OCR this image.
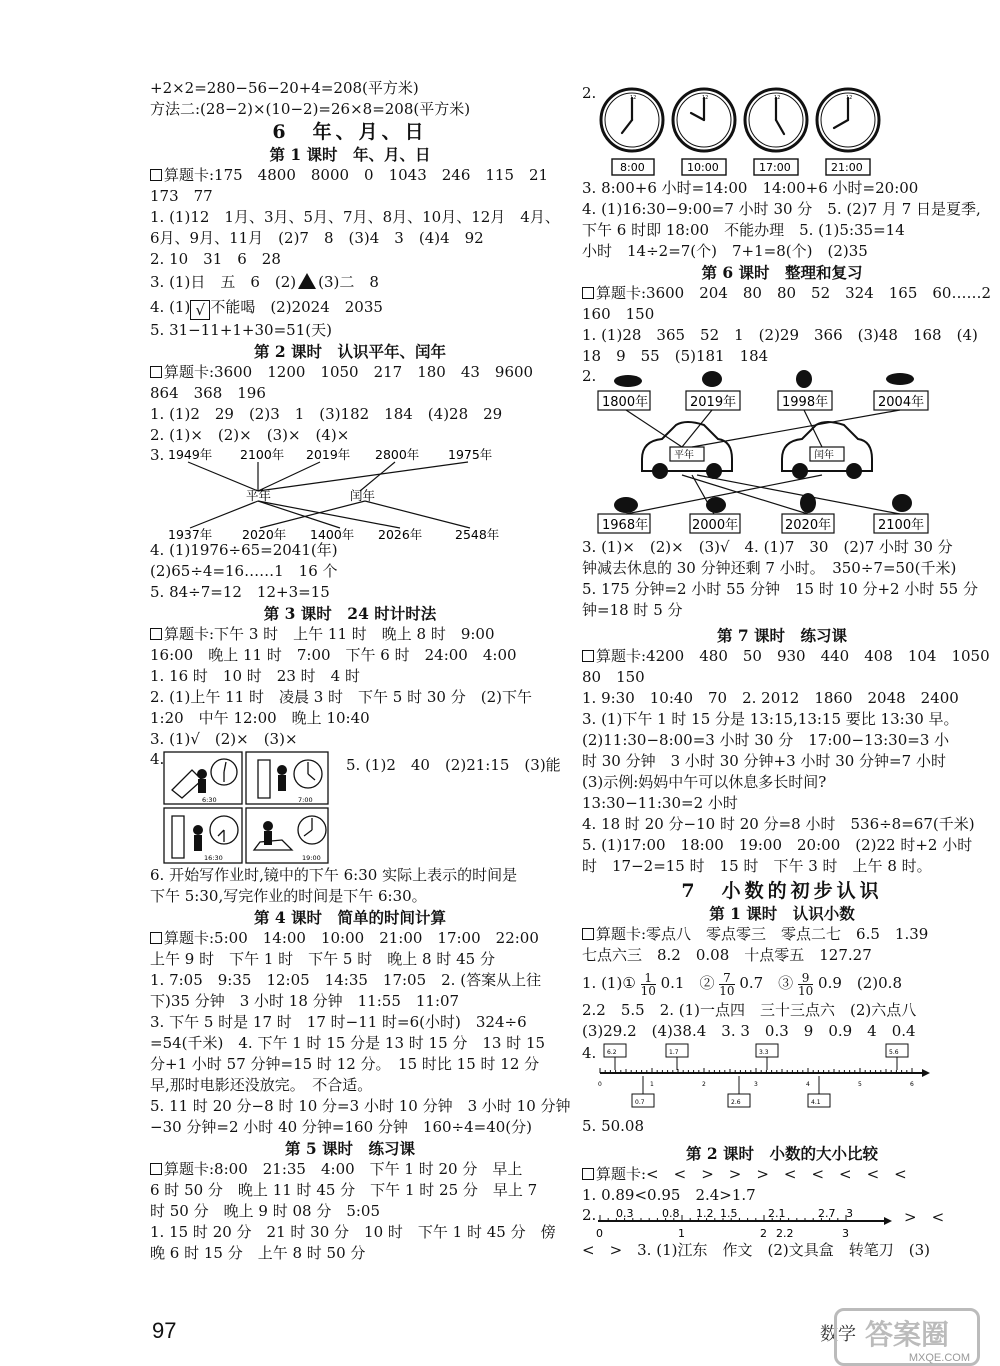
+2×2=280−56−20+4=208(平方米)
方法二:(28−2)×(10−2)=26×8=208(平方米)
6　年、月、日
第 1 课时　年、月、日
算题卡:175　4800　8000　0　1043　246　115　21
173　77
1. (1)12　1月、3月、5月、7月、8月、10月、12月　4月、
6月、9月、11月　(2)7　8　(3)4　3　(4)4　92
2. 10　31　6　28
3. (1)日　五　6　(2) (3)二　8
4. (1) √ 不能喝　(2)2024　2035
5. 31−11+1+30=51(天)
第 2 课时　认识平年、闰年
算题卡:3600　1200　1050　217　180　43　9600
864　368　196
1. (1)2　29　(2)3　1　(3)182　184　(4)28　29
2. (1)×　(2)×　(3)×　(4)×
3. 1949年 2100年 2019年 2800年 1975年
平年	闰年
1937年 2020年 1400年 2026年	2548年
4. (1)1976÷65=2041(年)
(2)65÷4=16……1　16 个
5. 84÷7=12　12+3=15
第 3 课时　24 时计时法
算题卡:下午 3 时　上午 11 时　晚上 8 时　9:00
16:00　晚上 11 时　7:00　下午 6 时　24:00　4:00
1. 16 时　10 时　23 时　4 时
2. (1)上午 11 时　凌晨 3 时　下午 5 时 30 分　(2)下午
1:20　中午 12:00　晚上 10:40
3. (1)√　(2)×　(3)×
4.	5. (1)2　40　(2)21:15　(3)能
6:30	7:00
16:30	19:00
6. 开始写作业时,镜中的下午 6:30 实际上表示的时间是
下午 5:30,写完作业的时间是下午 6:30。
第 4 课时　简单的时间计算
算题卡:5:00　14:00　10:00　21:00　17:00　22:00
上午 9 时　下午 1 时　下午 5 时　晚上 8 时 45 分
1. 7:05　9:35　12:05　14:35　17:05　2. (答案从上往
下)35 分钟　3 小时 18 分钟　11:55　11:07
3. 下午 5 时是 17 时　17 时−11 时=6(小时)　324÷6
=54(千米)　4. 下午 1 时 15 分是 13 时 15 分　13 时 15
分+1 小时 57 分钟=15 时 12 分。　15 时比 15 时 12 分
早,那时电影还没放完。　不合适。
5. 11 时 20 分−8 时 10 分=3 小时 10 分钟　3 小时 10 分钟
−30 分钟=2 小时 40 分钟=160 分钟　160÷4=40(分)
第 5 课时　练习课
算题卡:8:00　21:35　4:00　下午 1 时 20 分　早上
6 时 50 分　晚上 11 时 45 分　下午 1 时 25 分　早上 7
时 50 分　晚上 9 时 08 分　5:05
1. 15 时 20 分　21 时 30 分　10 时　下午 1 时 45 分　傍
晚 6 时 15 分　上午 8 时 50 分
2.	12	12	12	12
8:00	10:00	17:00	21:00
3. 8:00+6 小时=14:00　14:00+6 小时=20:00
4. (1)16:30−9:00=7 小时 30 分　5. (2)7 月 7 日是夏季,
下午 6 时即 18:00　不能办理　5. (1)5:35=14
小时　14÷2=7(个)　7+1=8(个)　(2)35
第 6 课时　整理和复习
算题卡:3600　204　80　80　52　324　165　60……2
160　150
1. (1)28　365　52　1　(2)29　366　(3)48　168　(4)
18　9　55　(5)181　184
2.
1800年	2019年	1998年	2004年
平年	闰年
1968年	2000年	2020年	2100年
3. (1)×　(2)×　(3)√　4. (1)7　30　(2)7 小时 30 分
钟减去休息的 30 分钟还剩 7 小时。　350÷7=50(千米)
5. 175 分钟=2 小时 55 分钟　15 时 10 分+2 小时 55 分
钟=18 时 5 分
第 7 课时　练习课
算题卡:4200　480　50　930　440　408　104　1050
80　150
1. 9:30　10:40　70　2. 2012　1860　2048　2400
3. (1)下午 1 时 15 分是 13:15,13:15 要比 13:30 早。
(2)11:30−8:00=3 小时 30 分　17:00−13:30=3 小
时 30 分钟　3 小时 30 分钟+3 小时 30 分钟=7 小时
(3)示例:妈妈中午可以休息多长时间?
13:30−11:30=2 小时
4. 18 时 20 分−10 时 20 分=8 小时　536÷8=67(千米)
5. (1)17:00　18:00　19:00　20:00　(2)22 时+2 小时
时　17−2=15 时　15 时　下午 3 时　上午 8 时。
7　小数的初步认识
第 1 课时　认识小数
算题卡:零点八　零点零三　零点二七　6.5　1.39
七点六三　8.2　0.08　十点零五　127.27
1. (1)① $\frac{1}{10} 0.1$　② $\frac{7}{10} 0.7$　③ $\frac{9}{10} 0.9$　(2)0.8
2.2　5.5　2. (1)一点四　三十三点六　(2)六点八
(3)29.2　(4)38.4　3. 3　0.3　9　0.9　4　0.4
4. 6.2	1.7	3.3	5.6
0.7	2.6	4.1
0	1	2	3	4	5	6
5. 50.08
第 2 课时　小数的大小比较
算题卡:<　<　>　>　>　<　<　<　<　<
1. 0.89<0.95　2.4>1.7
2. 0.3	0.8 1.2 1.5	2.1	2.7 3
0	1	2 2.2	3
>　<
<　>　3. (1)江东　作文　(2)文具盒　转笔刀　(3)
97	数学 答案圈
MXQE.COM
